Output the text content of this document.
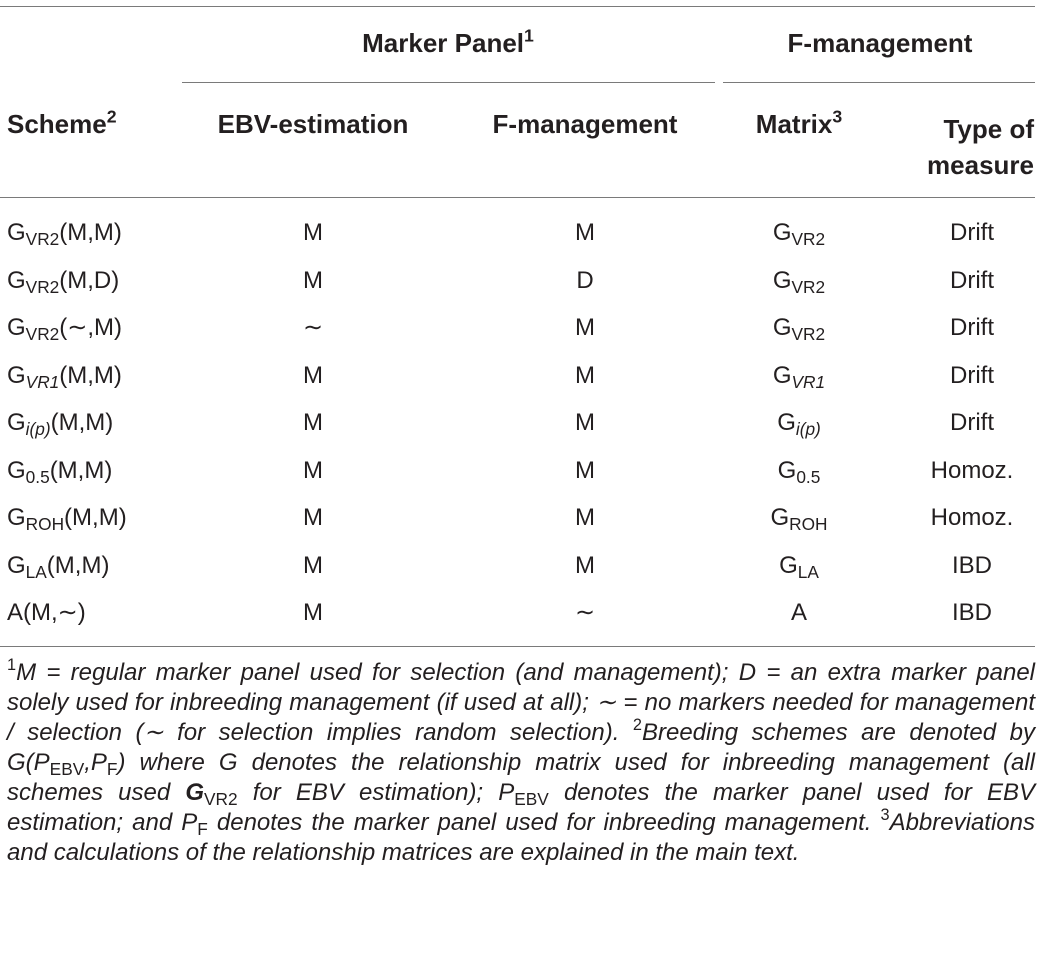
Marker Panel$^1$	F-management
Scheme$^2$	EBV-estimation	F-management	Matrix$^3$	Type of
measure
$G_{VR2}(M,M)$	M	M	$G_{VR2}$	Drift
$G_{VR2}(M,D)$	M	D	$G_{VR2}$	Drift
$G_{VR2}(\sim,M)$	∼	M	$G_{VR2}$	Drift
$G_{VR1}(M,M)$	M	M	$G_{VR1}$	Drift
$G_{i(p)}(M,M)$	M	M	$G_{i(p)}$	Drift
$G_{0.5}(M,M)$	M	M	$G_{0.5}$	Homoz.
$G_{ROH}(M,M)$	M	M	$G_{ROH}$	Homoz.
$G_{LA}(M,M)$	M	M	$G_{LA}$	IBD
A(M,∼)	M	∼	A	IBD
$^1$M = regular marker panel used for selection (and management); D = an extra marker panel solely used for inbreeding management (if used at all); ∼ = no markers needed for management / selection (∼ for selection implies random selection). $^2$Breeding schemes are denoted by $G(P_{EBV},P_F)$ where G denotes the relationship matrix used for inbreeding management (all schemes used $G_{VR2}$ for EBV estimation); $P_{EBV}$ denotes the marker panel used for EBV estimation; and $P_F$ denotes the marker panel used for inbreeding management. $^3$Abbreviations and calculations of the relationship matrices are explained in the main text.
